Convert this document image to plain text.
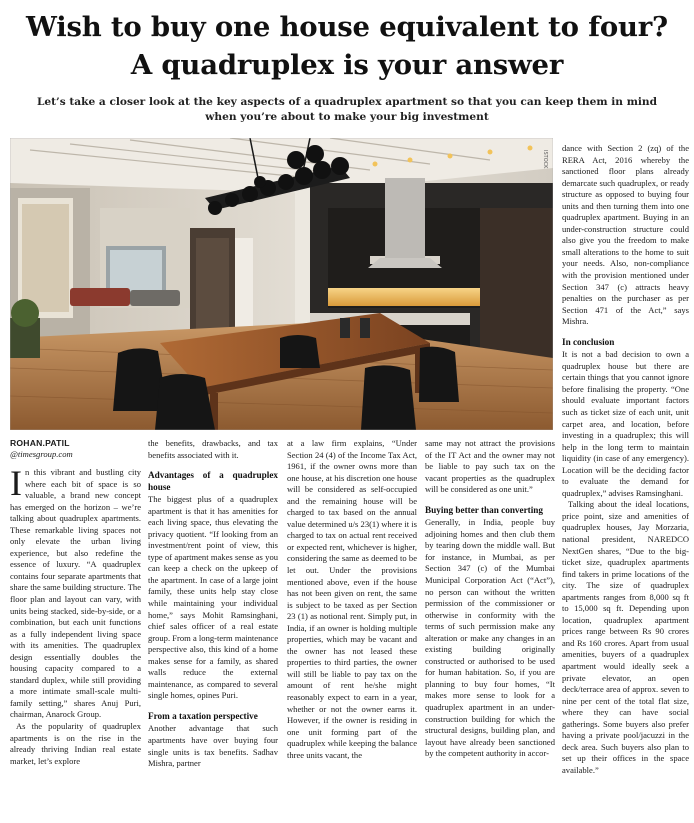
Wish to buy one house equivalent to four?
A quadruplex is your answer
Let’s take a closer look at the key aspects of a quadruplex apartment so that you can keep them in mind when you’re about to make your big investment
ISTOCK
ROHAN.PATIL
@timesgroup.com

In this vibrant and bustling city where each bit of space is so valuable, a brand new concept has emerged on the horizon – we’re talking about quadruplex apartments. These remarkable living spaces not only elevate the urban living experience, but also redefine the essence of luxury. “A quadruplex contains four separate apartments that share the same building structure. The floor plan and layout can vary, with units being stacked, side-by-side, or a combination, but each unit functions as a fully independent living space with its amenities. The quadruplex design essentially doubles the housing capacity compared to a standard duplex, while still providing a more intimate small-scale multi-family setting,” shares Anuj Puri, chairman, Anarock Group.

As the popularity of quadruplex apartments is on the rise in the already thriving Indian real estate market, let’s explore

the benefits, drawbacks, and tax benefits associated with it.

Advantages of a quadruplex house

The biggest plus of a quadruplex apartment is that it has amenities for each living space, thus elevating the privacy quotient. “If looking from an investment/rent point of view, this type of apartment makes sense as you can keep a check on the upkeep of the apartment. In case of a large joint family, these units help stay close while maintaining your individual home,” says Mohit Ramsinghani, chief sales officer of a real estate group. From a long-term maintenance perspective also, this kind of a home makes sense for a family, as shared walls reduce the external maintenance, as compared to several single homes, opines Puri.

From a taxation perspective

Another advantage that such apartments have over buying four single units is tax benefits. Sadhav Mishra, partner

at a law firm explains, “Under Section 24 (4) of the Income Tax Act, 1961, if the owner owns more than one house, at his discretion one house will be considered as self-occupied and the remaining house will be charged to tax based on the annual value determined u/s 23(1) where it is charged to tax on actual rent received or expected rent, whichever is higher, considering the same as deemed to be let out. Under the provisions mentioned above, even if the house has not been given on rent, the same is subject to be taxed as per Section 23 (1) as notional rent. Simply put, in India, if an owner is holding multiple properties, which may be vacant and the owner has not leased these properties to third parties, the owner will still be liable to pay tax on the amount of rent he/she might reasonably expect to earn in a year, whether or not the owner earns it. However, if the owner is residing in one unit forming part of the quadruplex while keeping the balance three units vacant, the

same may not attract the provisions of the IT Act and the owner may not be liable to pay such tax on the vacant properties as the quadruplex will be considered as one unit.”

Buying better than converting

Generally, in India, people buy adjoining homes and then club them by tearing down the middle wall. But for instance, in Mumbai, as per Section 347 (c) of the Mumbai Municipal Corporation Act (“Act”), no person can without the written permission of the commissioner or otherwise in conformity with the terms of such permission make any alteration or make any changes in an existing building originally constructed or authorised to be used for human habitation. So, if you are planning to buy four homes, “It makes more sense to look for a quadruplex apartment in an under-construction building for which the structural designs, building plan, and layout have already been sanctioned by the competent authority in accor-

dance with Section 2 (zq) of the RERA Act, 2016 whereby the sanctioned floor plans already demarcate such quadruplex, or ready structure as opposed to buying four units and then turning them into one quadruplex apartment. Buying in an under-construction structure could also give you the freedom to make small alterations to the home to suit your needs. Also, non-compliance with the provision mentioned under Section 347 (c) attracts heavy penalties on the purchaser as per Section 471 of the Act,” says Mishra.

In conclusion

It is not a bad decision to own a quadruplex house but there are certain things that you cannot ignore before finalising the property. “One should evaluate important factors such as ticket size of each unit, unit carpet area, and location, before investing in a quadruplex; this will help in the long term to maintain liquidity (in case of any emergency). Location will be the deciding factor to evaluate the demand for quadruplex,” advises Ramsinghani.

Talking about the ideal locations, price point, size and amenities of quadruplex houses, Jay Morzaria, national president, NAREDCO NextGen shares, “Due to the big-ticket size, quadruplex apartments find takers in prime locations of the city. The size of quadruplex apartments ranges from 8,000 sq ft to 15,000 sq ft. Depending upon location, quadruplex apartment prices range between Rs 90 crores and Rs 160 crores. Apart from usual amenities, buyers of a quadruplex apartment would ideally seek a private elevator, an open deck/terrace area of approx. seven to nine per cent of the total flat size, where they can have social gatherings. Some buyers also prefer having a private pool/jacuzzi in the deck area. Such buyers also plan to set up their offices in the space available.”
